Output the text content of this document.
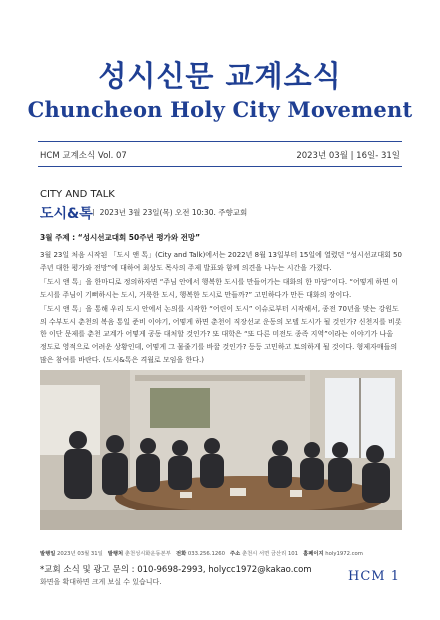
성시신문 교계소식
Chuncheon Holy City Movement
HCM 교계소식 Vol. 07	2023년 03월 | 16일- 31일
CITY AND TALK
도시&톡
ㅣ 2023년 3월 23일(목) 오전 10:30. 주향교회
3월 주제 : “성시선교대회 50주년 평가와 전망”

3월 23일 처음 시작된 「도시 앤 톡」(City and Talk)에서는 2022년 8월 13일부터 15일에 열렸던 “성시선교대회 50주년 대한 평가와 전망”에 대하여 최상도 목사의 주제 발표와 함께 의견을 나누는 시간을 가졌다.

「도시 앤 톡」을 한마디로 정의하자면 “주님 안에서 행복한 도시를 만들어가는 대화의 한 마당”이다. “어떻게 하면 이 도시를 주님이 기뻐하시는 도시, 거룩한 도시, 행복한 도시로 만들까?” 고민하다가 만든 대화의 장이다.

「도시 앤 톡」을 통해 우리 도시 안에서 논의를 시작한 “어린이 도시” 이슈로부터 시작해서, 종전 70년을 맞는 강원도의 수부도시 춘천의 복음 통일 준비 이야기, 어떻게 하면 춘천이 직장선교 운동의 모델 도시가 될 것인가? 신천지를 비롯한 이단 문제를 춘천 교계가 어떻게 공동 대처할 것인가? 또 대학은 “또 다른 미전도 종족 지역”이라는 이야기가 나올 정도로 영적으로 어려운 상황인데, 어떻게 그 물줄기를 바꿀 것인가? 등등 고민하고 토의하게 될 것이다. 형제자매들의 많은 참여를 바란다. (도시&톡은 격월로 모임을 한다.)

발행일 2023년 03월 31일 발행처 춘천성시화운동본부 전화 033.256.1260 주소 춘천시 서면 금산리 101 홈페이지 holy1972.com
*교회 소식 및 광고 문의 : 010-9698-2993, holycc1972@kakao.com
화면을 확대하면 크게 보실 수 있습니다.	HCM 1
